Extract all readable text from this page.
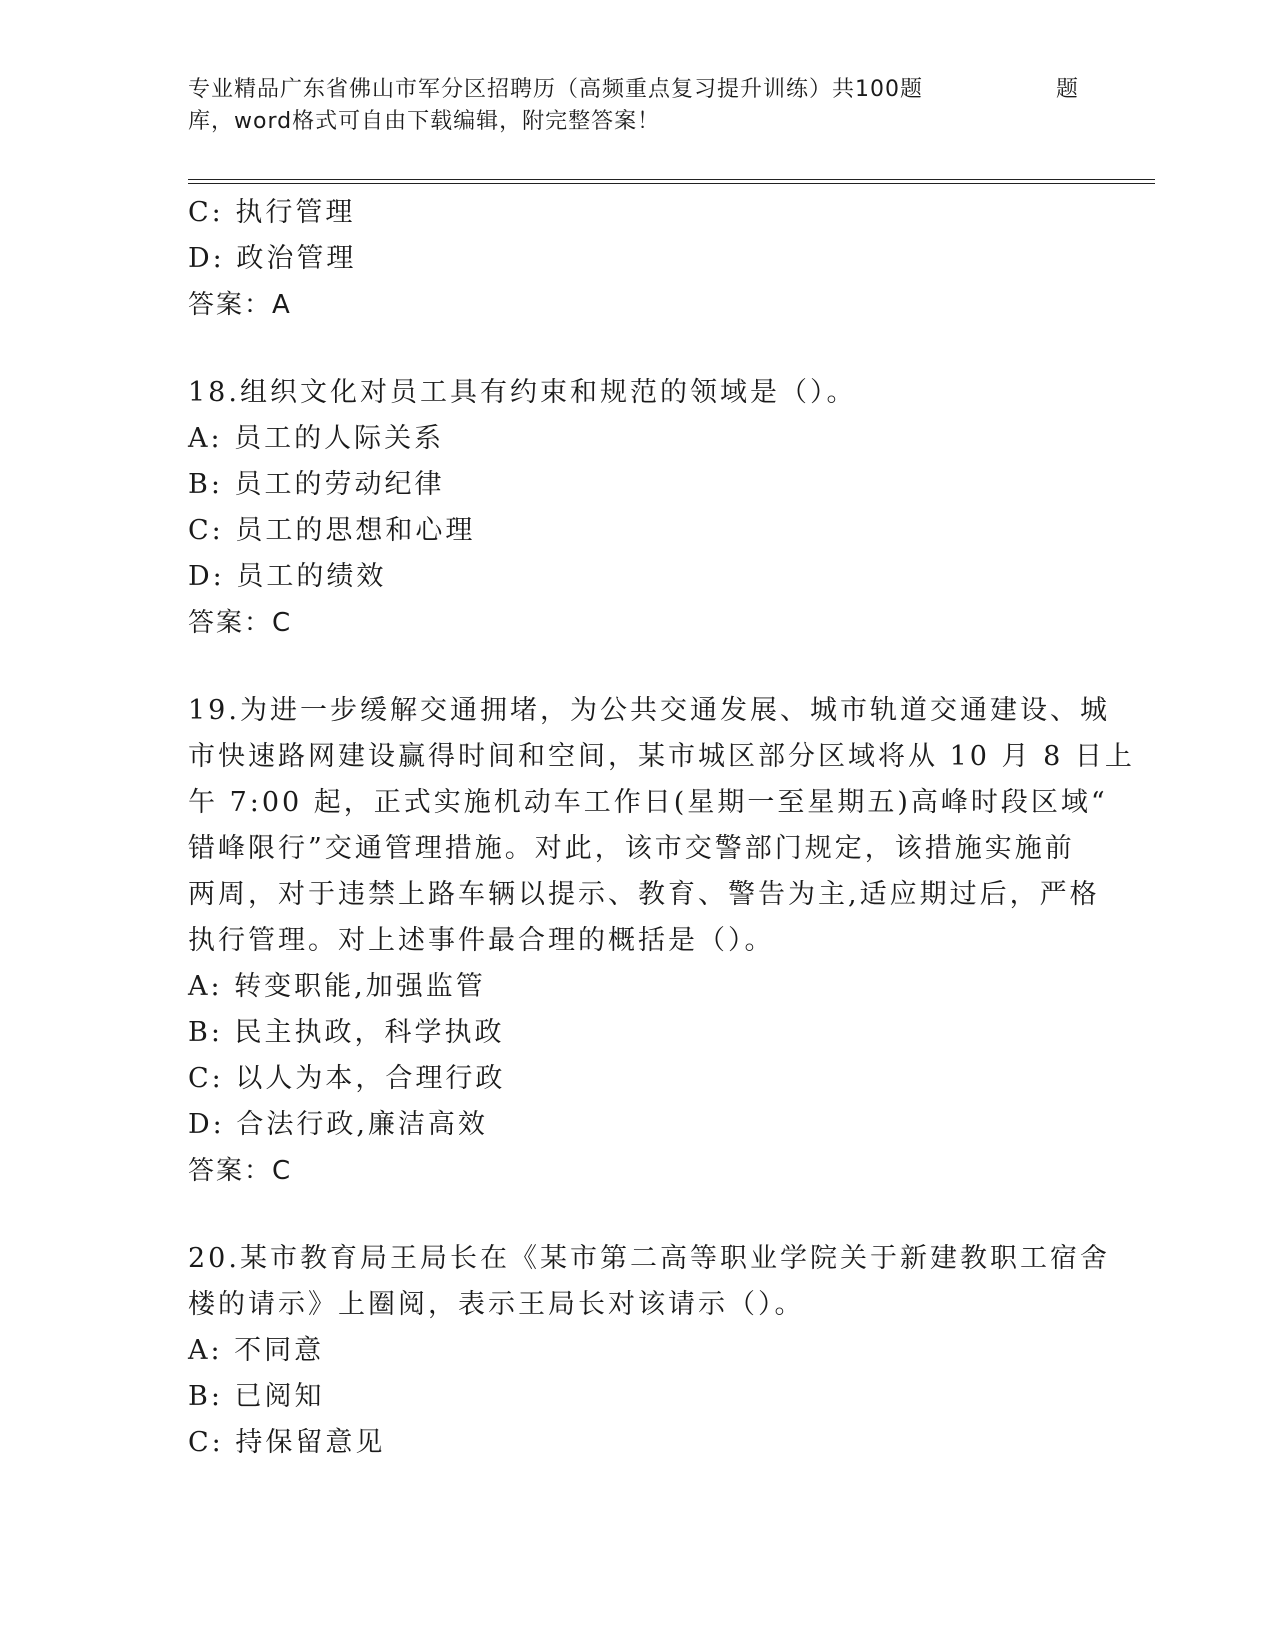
专业精品广东省佛山市军分区招聘历（高频重点复习提升训练）共100题	题
库，word格式可自由下载编辑，附完整答案！
C: 执行管理
D: 政治管理
答案：A
18.组织文化对员工具有约束和规范的领域是（）。
A: 员工的人际关系
B: 员工的劳动纪律
C: 员工的思想和心理
D: 员工的绩效
答案：C
19.为进一步缓解交通拥堵，为公共交通发展、城市轨道交通建设、城
市快速路网建设赢得时间和空间，某市城区部分区域将从 10 月 8 日上
午 7:00 起，正式实施机动车工作日(星期一至星期五)高峰时段区域“
错峰限行”交通管理措施。对此，该市交警部门规定，该措施实施前
两周，对于违禁上路车辆以提示、教育、警告为主,适应期过后，严格
执行管理。对上述事件最合理的概括是（）。
A: 转变职能,加强监管
B: 民主执政，科学执政
C: 以人为本，合理行政
D: 合法行政,廉洁高效
答案：C
20.某市教育局王局长在《某市第二高等职业学院关于新建教职工宿舍
楼的请示》上圈阅，表示王局长对该请示（）。
A: 不同意
B: 已阅知
C: 持保留意见
